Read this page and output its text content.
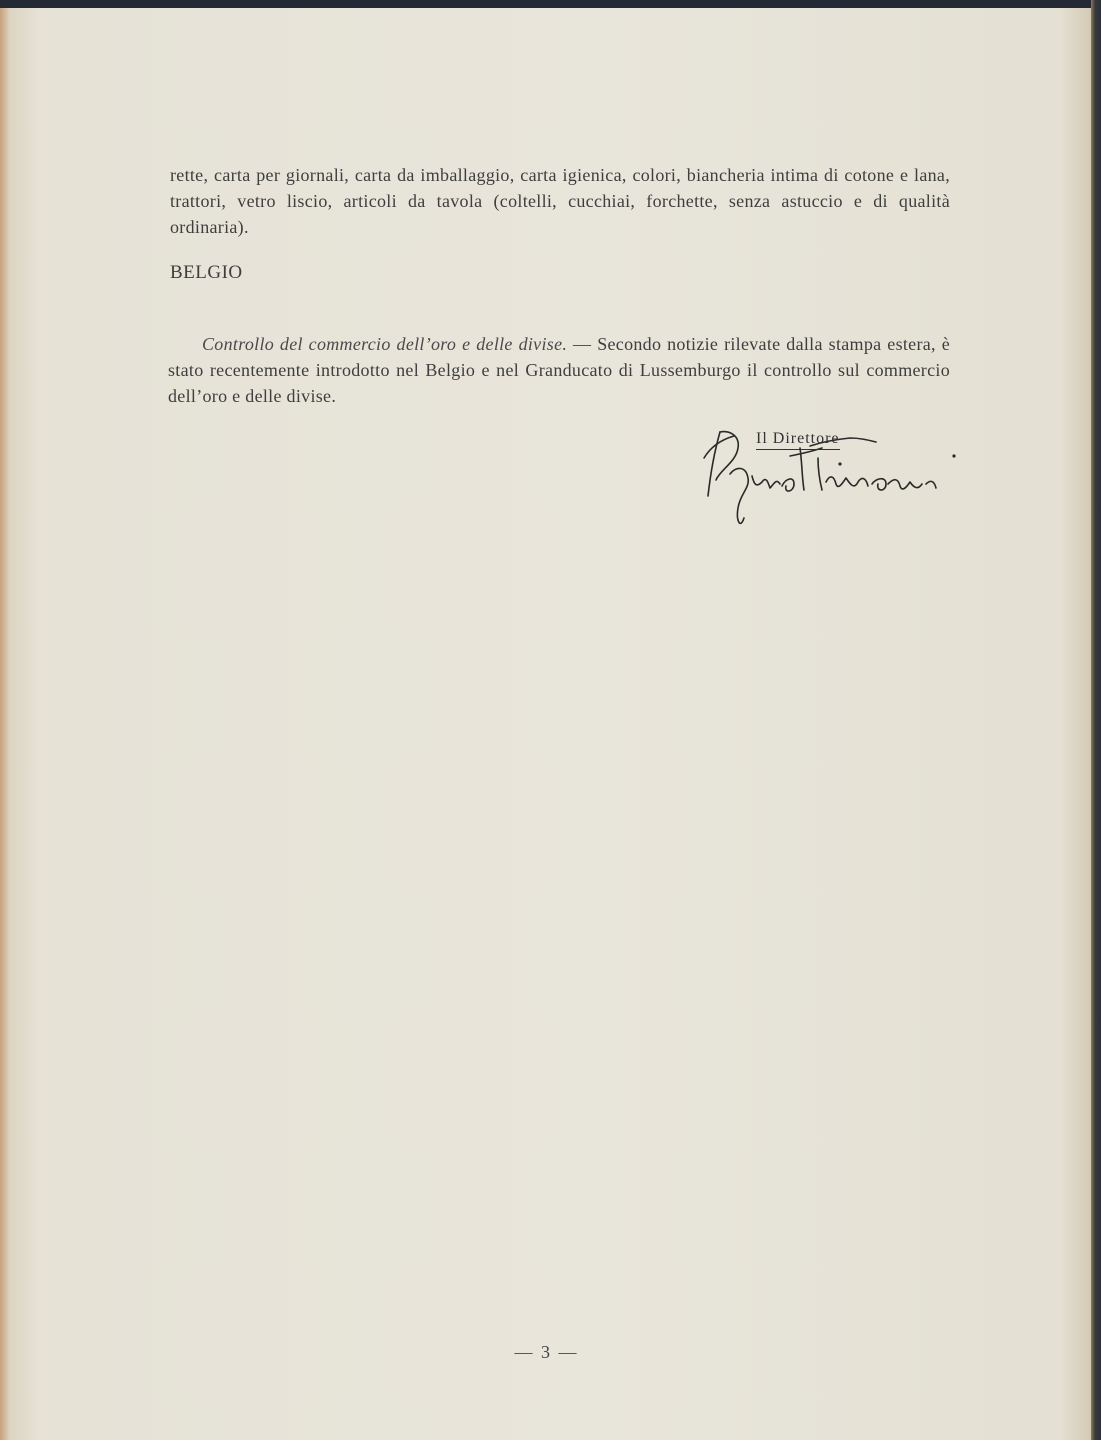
rette, carta per giornali, carta da imballaggio, carta igienica, colori, biancheria intima di cotone e lana, trattori, vetro liscio, articoli da tavola (coltelli, cucchiai, forchette, senza astuccio e di qualità ordinaria).

BELGIO

Controllo del commercio dell’oro e delle divise. — Secondo notizie rilevate dalla stampa estera, è stato recentemente introdotto nel Belgio e nel Granducato di Lussemburgo il controllo sul commercio dell’oro e delle divise.

Il Direttore
— 3 —
